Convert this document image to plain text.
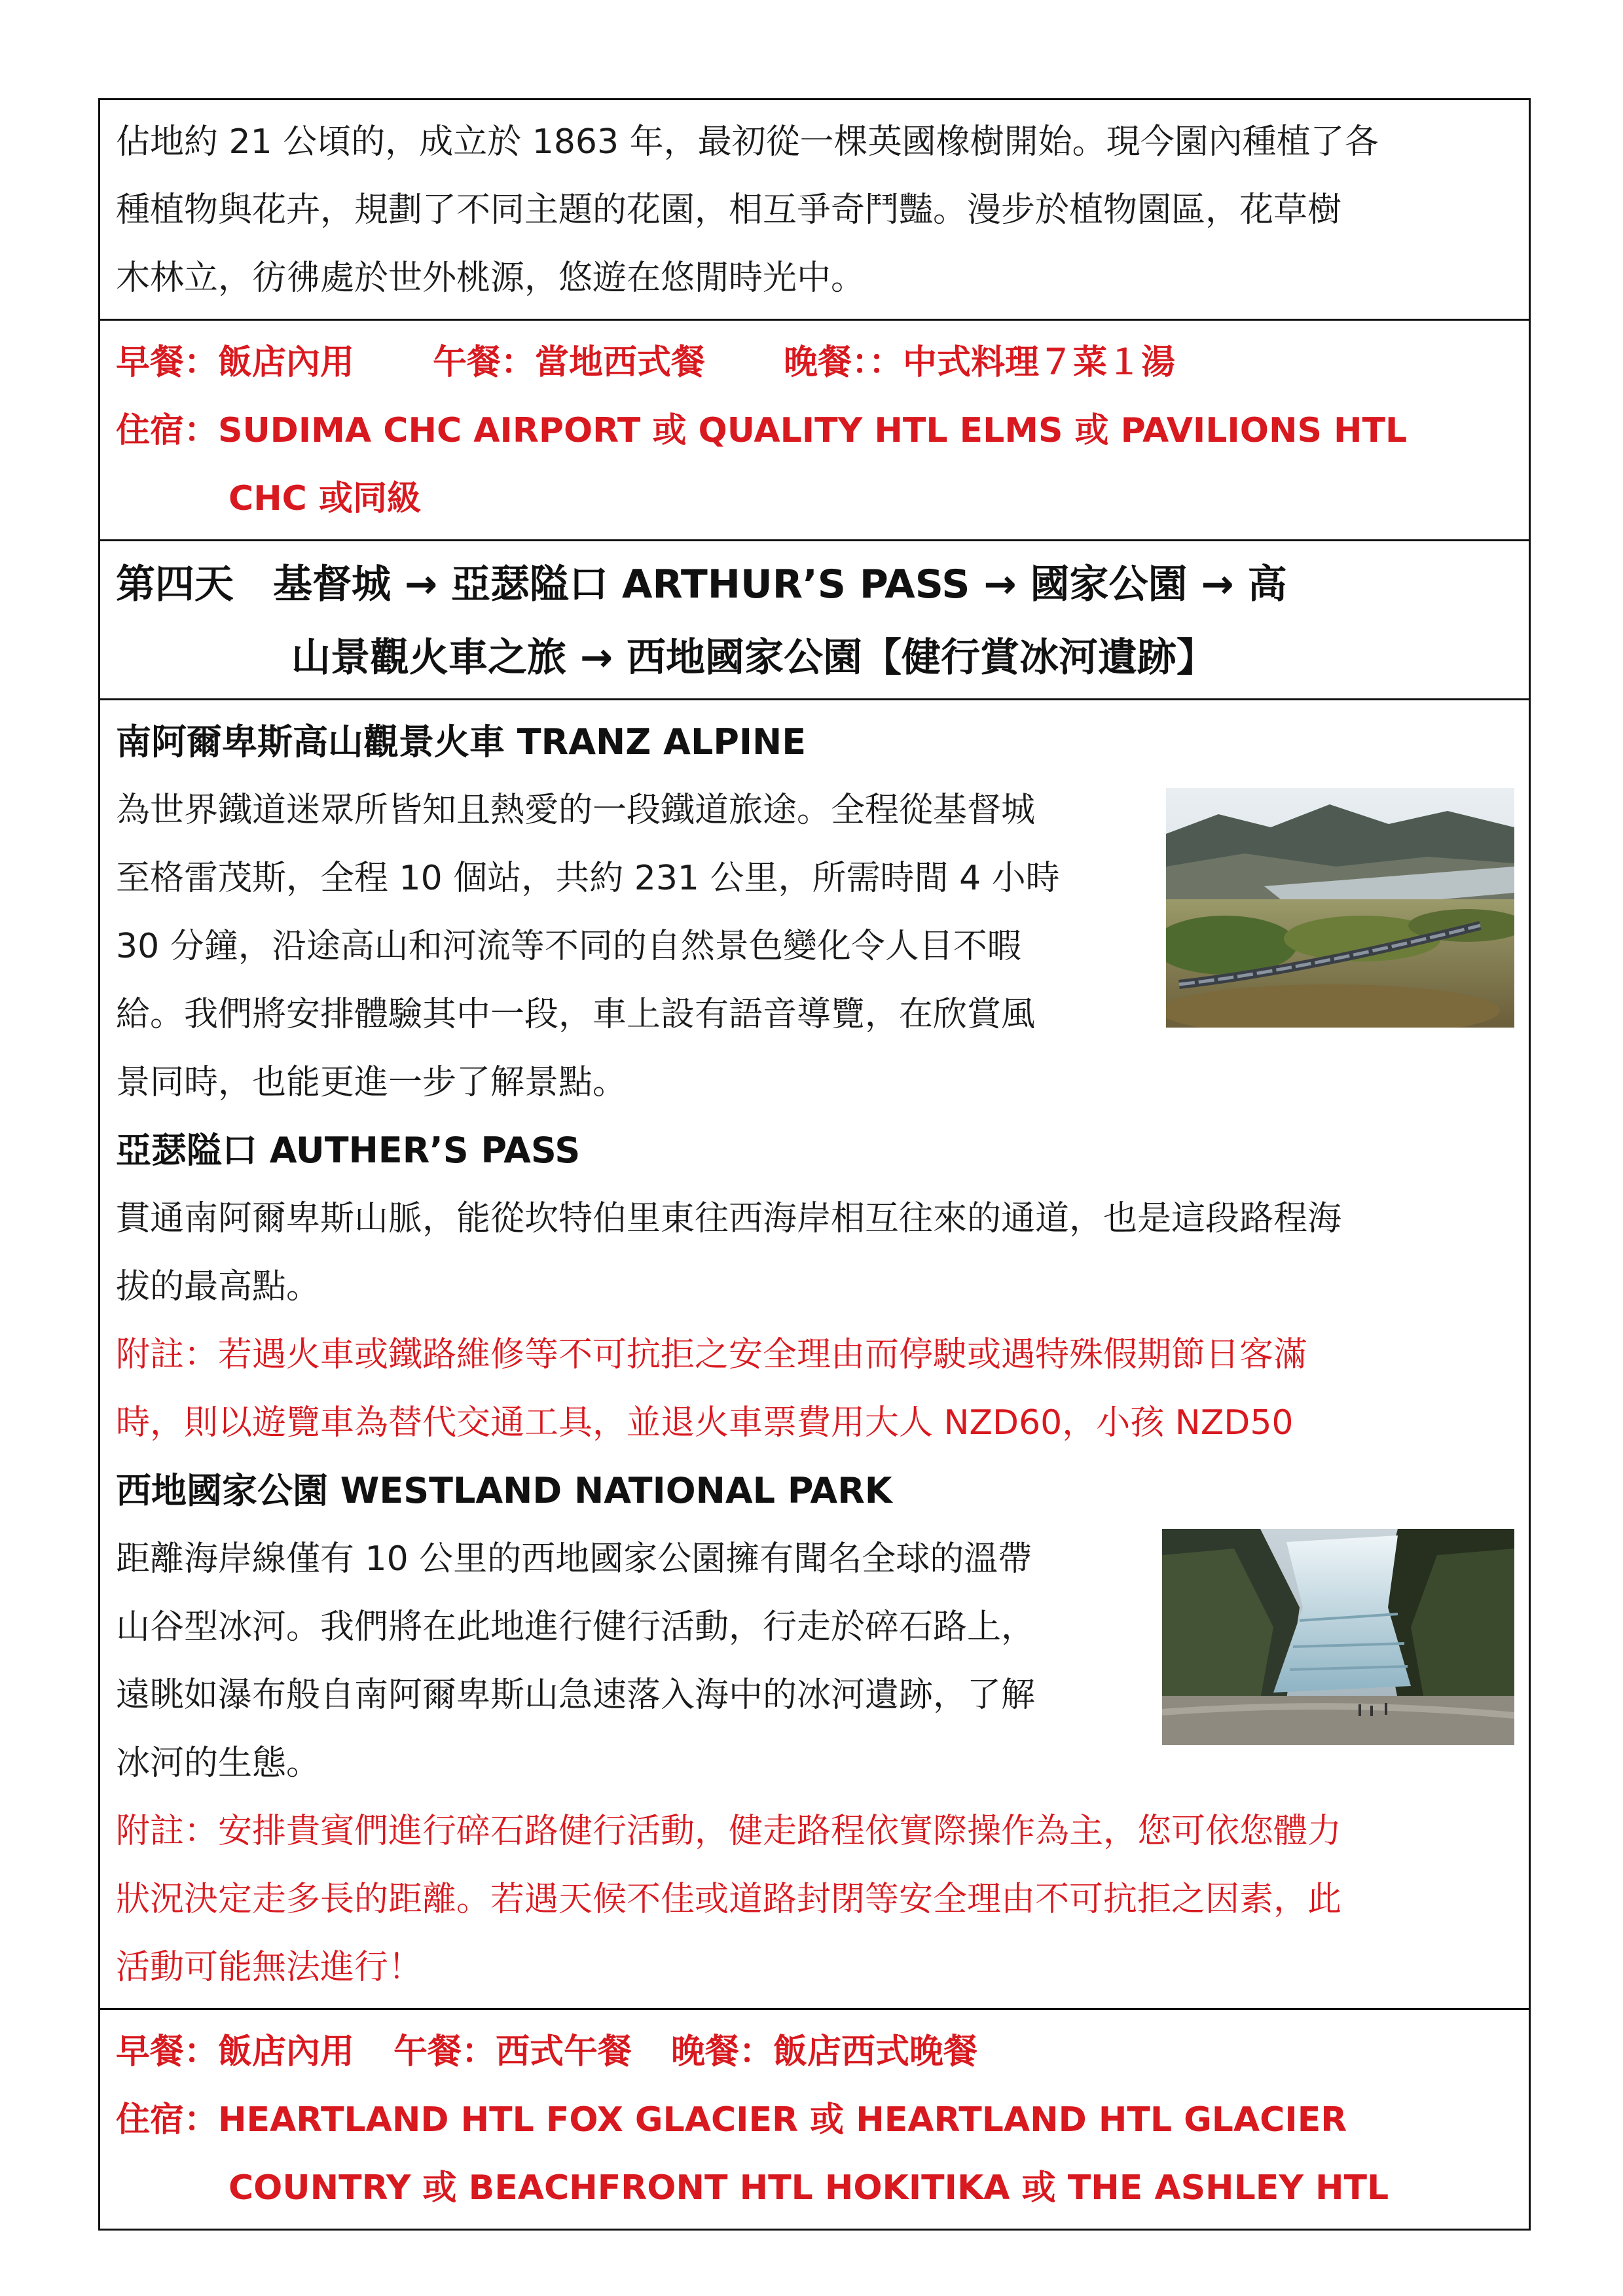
佔地約 21 公頃的，成立於 1863 年，最初從一棵英國橡樹開始。現今園內種植了各

種植物與花卉，規劃了不同主題的花園，相互爭奇鬥豔。漫步於植物園區，花草樹

木林立，彷彿處於世外桃源，悠遊在悠閒時光中。

早餐：飯店內用 午餐：當地西式餐 晚餐：：中式料理７菜１湯
住宿：SUDIMA CHC AIRPORT 或 QUALITY HTL ELMS 或 PAVILIONS HTL
CHC 或同級
第四天　基督城 → 亞瑟隘口 ARTHUR’S PASS → 國家公園 → 高
山景觀火車之旅 → 西地國家公園【健行賞冰河遺跡】

南阿爾卑斯高山觀景火車 TRANZ ALPINE

為世界鐵道迷眾所皆知且熱愛的一段鐵道旅途。全程從基督城

至格雷茂斯，全程 10 個站，共約 231 公里，所需時間 4 小時

30 分鐘，沿途高山和河流等不同的自然景色變化令人目不暇

給。我們將安排體驗其中一段，車上設有語音導覽，在欣賞風

景同時，也能更進一步了解景點。

亞瑟隘口 AUTHER’S PASS

貫通南阿爾卑斯山脈，能從坎特伯里東往西海岸相互往來的通道，也是這段路程海

拔的最高點。

附註：若遇火車或鐵路維修等不可抗拒之安全理由而停駛或遇特殊假期節日客滿

時，則以遊覽車為替代交通工具，並退火車票費用大人 NZD60，小孩 NZD50

西地國家公園 WESTLAND NATIONAL PARK

距離海岸線僅有 10 公里的西地國家公園擁有聞名全球的溫帶

山谷型冰河。我們將在此地進行健行活動，行走於碎石路上，

遠眺如瀑布般自南阿爾卑斯山急速落入海中的冰河遺跡，了解

冰河的生態。

附註：安排貴賓們進行碎石路健行活動，健走路程依實際操作為主，您可依您體力

狀況決定走多長的距離。若遇天候不佳或道路封閉等安全理由不可抗拒之因素，此

活動可能無法進行！

早餐：飯店內用 午餐：西式午餐 晚餐：飯店西式晚餐
住宿：HEARTLAND HTL FOX GLACIER 或 HEARTLAND HTL GLACIER
COUNTRY 或 BEACHFRONT HTL HOKITIKA 或 THE ASHLEY HTL
